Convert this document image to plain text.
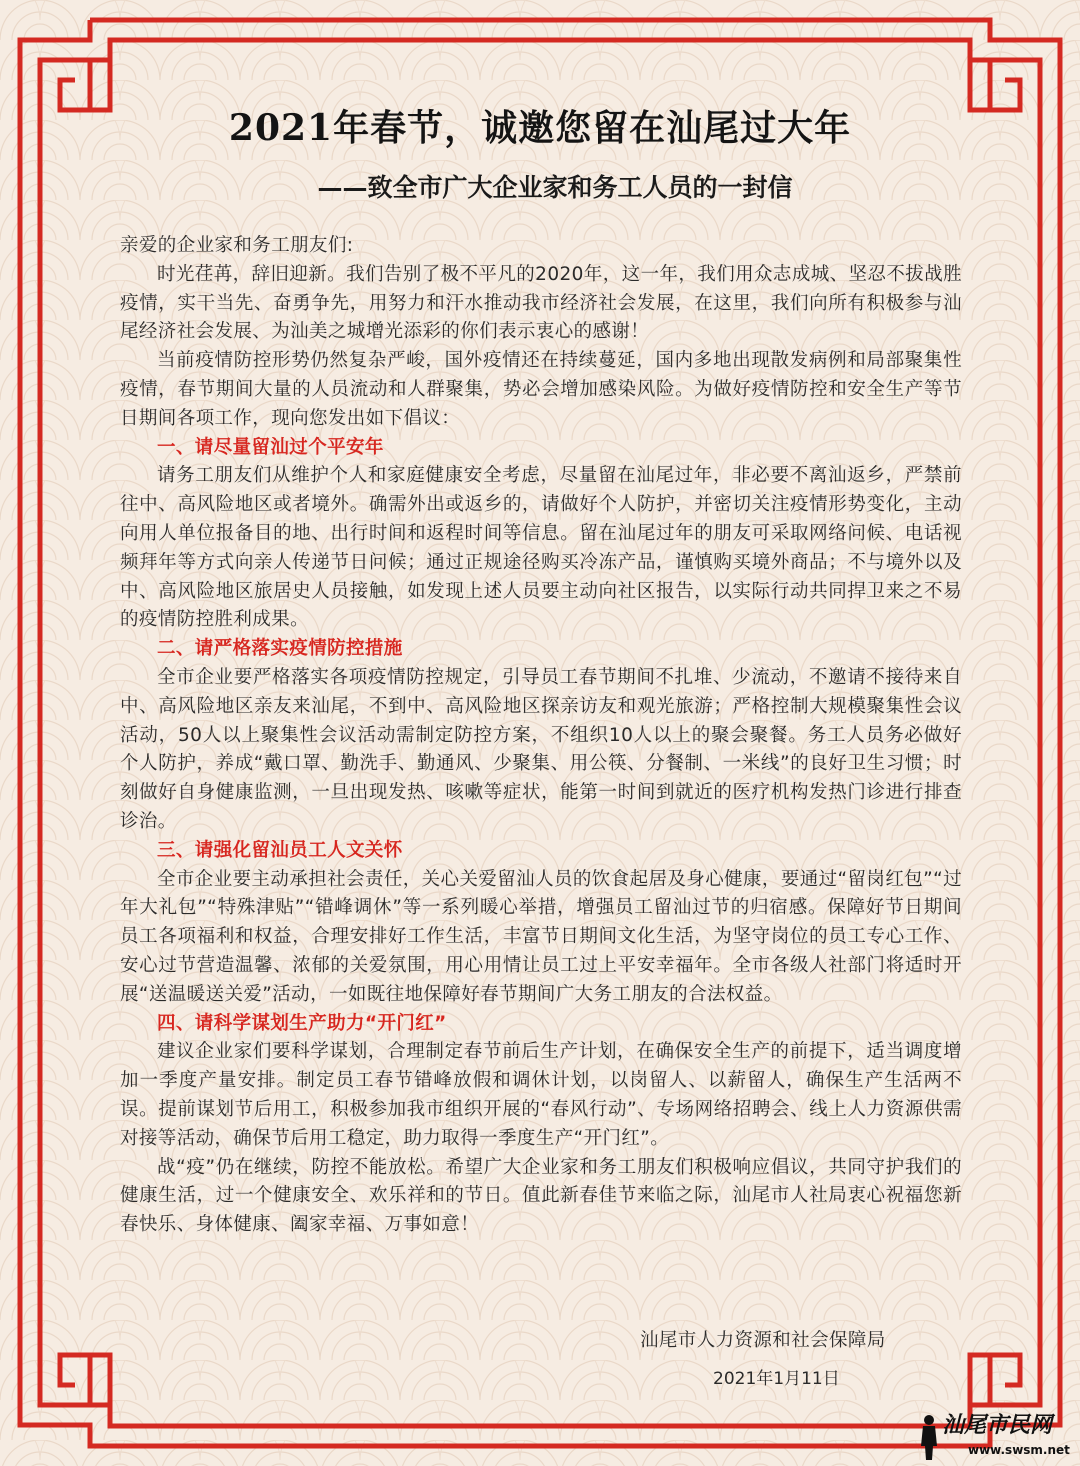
2021年春节，诚邀您留在汕尾过大年
——致全市广大企业家和务工人员的一封信

亲爱的企业家和务工朋友们:

时光荏苒，辞旧迎新。我们告别了极不平凡的2020年，这一年，我们用众志成城、坚忍不拔战胜疫情，实干当先、奋勇争先，用努力和汗水推动我市经济社会发展，在这里，我们向所有积极参与汕尾经济社会发展、为汕美之城增光添彩的你们表示衷心的感谢！

当前疫情防控形势仍然复杂严峻，国外疫情还在持续蔓延，国内多地出现散发病例和局部聚集性疫情，春节期间大量的人员流动和人群聚集，势必会增加感染风险。为做好疫情防控和安全生产等节日期间各项工作，现向您发出如下倡议：

一、请尽量留汕过个平安年

请务工朋友们从维护个人和家庭健康安全考虑，尽量留在汕尾过年，非必要不离汕返乡，严禁前往中、高风险地区或者境外。确需外出或返乡的，请做好个人防护，并密切关注疫情形势变化，主动向用人单位报备目的地、出行时间和返程时间等信息。留在汕尾过年的朋友可采取网络问候、电话视频拜年等方式向亲人传递节日问候；通过正规途径购买冷冻产品，谨慎购买境外商品；不与境外以及中、高风险地区旅居史人员接触，如发现上述人员要主动向社区报告，以实际行动共同捍卫来之不易的疫情防控胜利成果。

二、请严格落实疫情防控措施

全市企业要严格落实各项疫情防控规定，引导员工春节期间不扎堆、少流动，不邀请不接待来自中、高风险地区亲友来汕尾，不到中、高风险地区探亲访友和观光旅游；严格控制大规模聚集性会议活动，50人以上聚集性会议活动需制定防控方案，不组织10人以上的聚会聚餐。务工人员务必做好个人防护，养成“戴口罩、勤洗手、勤通风、少聚集、用公筷、分餐制、一米线”的良好卫生习惯；时刻做好自身健康监测，一旦出现发热、咳嗽等症状，能第一时间到就近的医疗机构发热门诊进行排查诊治。

三、请强化留汕员工人文关怀

全市企业要主动承担社会责任，关心关爱留汕人员的饮食起居及身心健康，要通过“留岗红包”“过年大礼包”“特殊津贴”“错峰调休”等一系列暖心举措，增强员工留汕过节的归宿感。保障好节日期间员工各项福利和权益，合理安排好工作生活，丰富节日期间文化生活，为坚守岗位的员工专心工作、安心过节营造温馨、浓郁的关爱氛围，用心用情让员工过上平安幸福年。全市各级人社部门将适时开展“送温暖送关爱”活动，一如既往地保障好春节期间广大务工朋友的合法权益。

四、请科学谋划生产助力“开门红”

建议企业家们要科学谋划，合理制定春节前后生产计划，在确保安全生产的前提下，适当调度增加一季度产量安排。制定员工春节错峰放假和调休计划，以岗留人、以薪留人，确保生产生活两不误。提前谋划节后用工，积极参加我市组织开展的“春风行动”、专场网络招聘会、线上人力资源供需对接等活动，确保节后用工稳定，助力取得一季度生产“开门红”。

战“疫”仍在继续，防控不能放松。希望广大企业家和务工朋友们积极响应倡议，共同守护我们的健康生活，过一个健康安全、欢乐祥和的节日。值此新春佳节来临之际，汕尾市人社局衷心祝福您新春快乐、身体健康、阖家幸福、万事如意！

汕尾市人力资源和社会保障局
2021年1月11日
汕尾市民网
www.swsm.net
